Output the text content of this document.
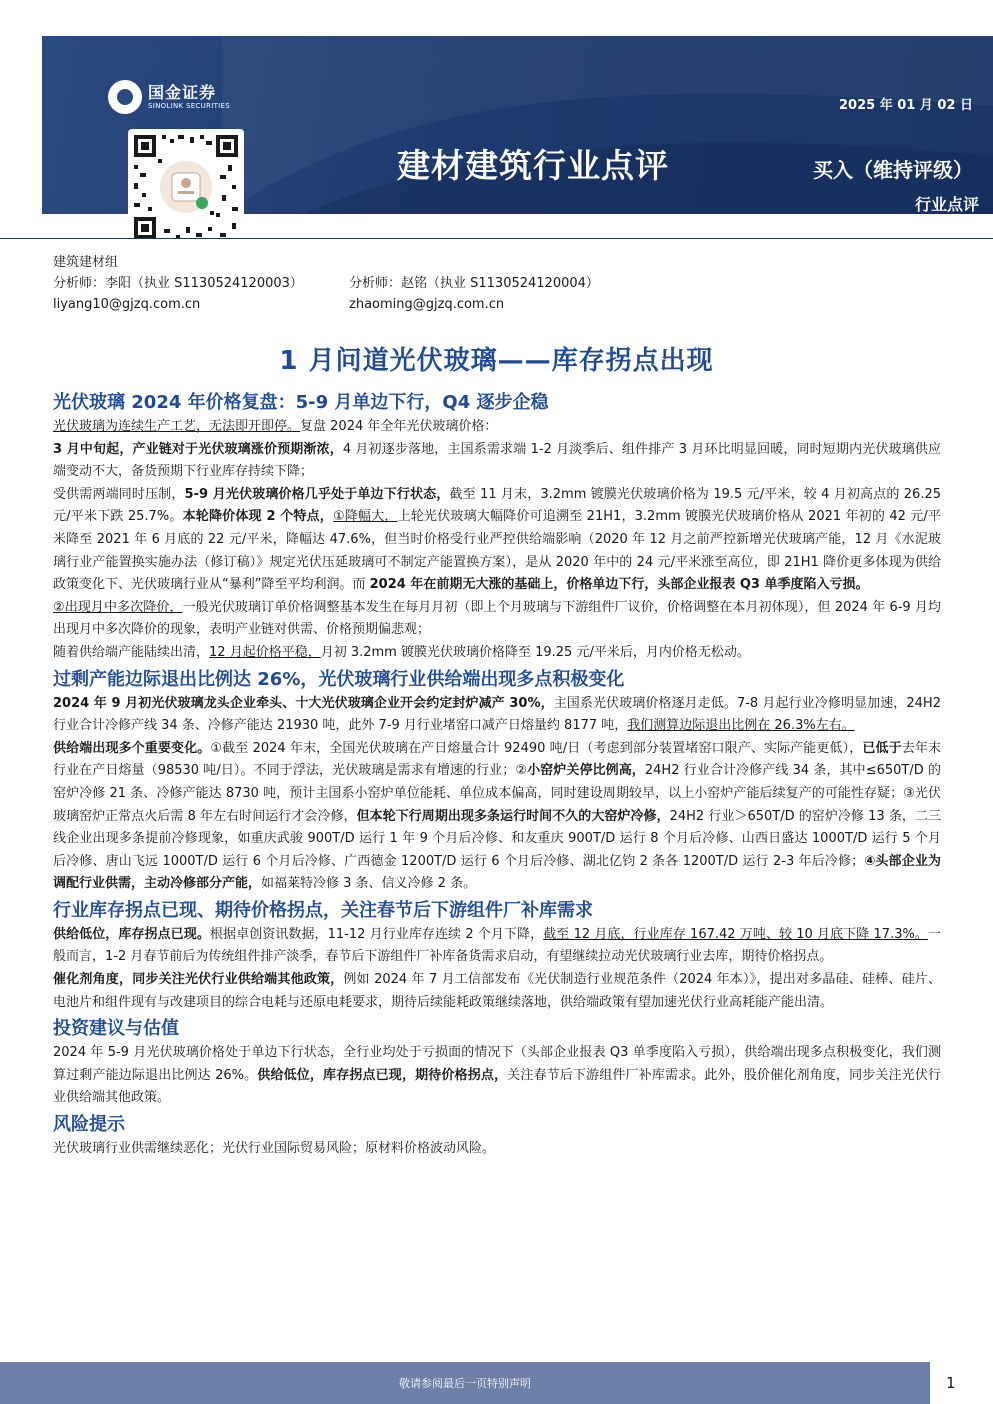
国金证券
SINOLINK SECURITIES
建材建筑行业点评
2025 年 01 月 02 日
买入（维持评级）
行业点评
证券研究报告
建筑建材组
分析师：李阳（执业 S1130524120003）	分析师：赵铭（执业 S1130524120004）
liyang10@gjzq.com.cn	zhaoming@gjzq.com.cn
1 月问道光伏玻璃——库存拐点出现
光伏玻璃 2024 年价格复盘：5-9 月单边下行，Q4 逐步企稳
光伏玻璃为连续生产工艺，无法即开即停。复盘 2024 年全年光伏玻璃价格：
3 月中旬起，产业链对于光伏玻璃涨价预期渐浓，4 月初逐步落地，主国系需求端 1-2 月淡季后、组件排产 3 月环比明显回暖，同时短期内光伏玻璃供应端变动不大，备货预期下行业库存持续下降；
受供需两端同时压制，5-9 月光伏玻璃价格几乎处于单边下行状态，截至 11 月末，3.2mm 镀膜光伏玻璃价格为 19.5 元/平米，较 4 月初高点的 26.25 元/平米下跌 25.7%。本轮降价体现 2 个特点，①降幅大，上轮光伏玻璃大幅降价可追溯至 21H1，3.2mm 镀膜光伏玻璃价格从 2021 年初的 42 元/平米降至 2021 年 6 月底的 22 元/平米，降幅达 47.6%，但当时价格受行业严控供给端影响（2020 年 12 月之前严控新增光伏玻璃产能，12 月《水泥玻璃行业产能置换实施办法（修订稿）》规定光伏压延玻璃可不制定产能置换方案），是从 2020 年中的 24 元/平米涨至高位，即 21H1 降价更多体现为供给政策变化下、光伏玻璃行业从“暴利”降至平均利润。而 2024 年在前期无大涨的基础上，价格单边下行，头部企业报表 Q3 单季度陷入亏损。
②出现月中多次降价，一般光伏玻璃订单价格调整基本发生在每月月初（即上个月玻璃与下游组件厂议价，价格调整在本月初体现），但 2024 年 6-9 月均出现月中多次降价的现象，表明产业链对供需、价格预期偏悲观；
随着供给端产能陆续出清，12 月起价格平稳，月初 3.2mm 镀膜光伏玻璃价格降至 19.25 元/平米后，月内价格无松动。
过剩产能边际退出比例达 26%，光伏玻璃行业供给端出现多点积极变化
2024 年 9 月初光伏玻璃龙头企业牵头、十大光伏玻璃企业开会约定封炉减产 30%，主国系光伏玻璃价格逐月走低。7-8 月起行业冷修明显加速，24H2 行业合计冷修产线 34 条、冷修产能达 21930 吨，此外 7-9 月行业堵窑口减产日熔量约 8177 吨，我们测算边际退出比例在 26.3%左右。
供给端出现多个重要变化。①截至 2024 年末，全国光伏玻璃在产日熔量合计 92490 吨/日（考虑到部分装置堵窑口限产、实际产能更低），已低于去年末行业在产日熔量（98530 吨/日）。不同于浮法，光伏玻璃是需求有增速的行业；②小窑炉关停比例高，24H2 行业合计冷修产线 34 条，其中≤650T/D 的窑炉冷修 21 条、冷修产能达 8730 吨，预计主国系小窑炉单位能耗、单位成本偏高，同时建设周期较早，以上小窑炉产能后续复产的可能性存疑；③光伏玻璃窑炉正常点火后需 8 年左右时间运行才会冷修，但本轮下行周期出现多条运行时间不久的大窑炉冷修，24H2 行业＞650T/D 的窑炉冷修 13 条，二三线企业出现多条提前冷修现象，如重庆武骏 900T/D 运行 1 年 9 个月后冷修、和友重庆 900T/D 运行 8 个月后冷修、山西日盛达 1000T/D 运行 5 个月后冷修、唐山飞远 1000T/D 运行 6 个月后冷修、广西德金 1200T/D 运行 6 个月后冷修、湖北亿钧 2 条各 1200T/D 运行 2-3 年后冷修；④头部企业为调配行业供需，主动冷修部分产能，如福莱特冷修 3 条、信义冷修 2 条。
行业库存拐点已现、期待价格拐点，关注春节后下游组件厂补库需求
供给低位，库存拐点已现。根据卓创资讯数据，11-12 月行业库存连续 2 个月下降，截至 12 月底，行业库存 167.42 万吨、较 10 月底下降 17.3%。一般而言，1-2 月春节前后为传统组件排产淡季，春节后下游组件厂补库备货需求启动，有望继续拉动光伏玻璃行业去库，期待价格拐点。
催化剂角度，同步关注光伏行业供给端其他政策，例如 2024 年 7 月工信部发布《光伏制造行业规范条件（2024 年本）》，提出对多晶硅、硅棒、硅片、电池片和组件现有与改建项目的综合电耗与还原电耗要求，期待后续能耗政策继续落地，供给端政策有望加速光伏行业高耗能产能出清。
投资建议与估值
2024 年 5-9 月光伏玻璃价格处于单边下行状态，全行业均处于亏损面的情况下（头部企业报表 Q3 单季度陷入亏损），供给端出现多点积极变化，我们测算过剩产能边际退出比例达 26%。供给低位，库存拐点已现，期待价格拐点，关注春节后下游组件厂补库需求。此外，股价催化剂角度，同步关注光伏行业供给端其他政策。
风险提示
光伏玻璃行业供需继续恶化；光伏行业国际贸易风险；原材料价格波动风险。
敬请参阅最后一页特别声明	1
